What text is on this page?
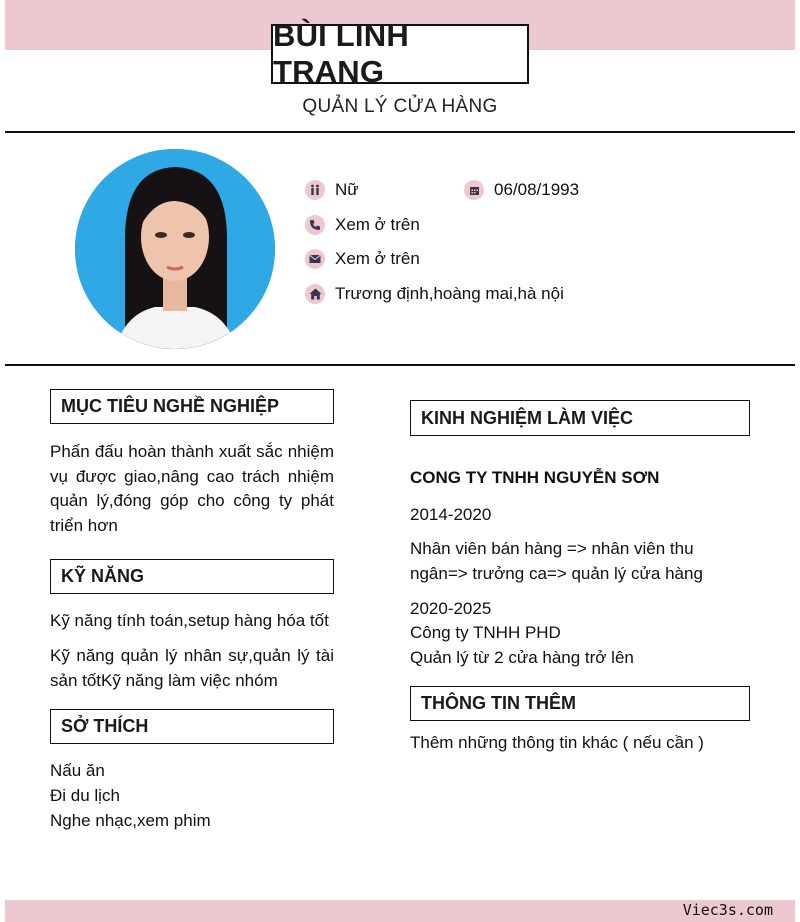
BÙI LINH TRANG
QUẢN LÝ CỬA HÀNG
Nữ	06/08/1993
Xem ở trên
Xem ở trên
Trương định,hoàng mai,hà nội
MỤC TIÊU NGHỀ NGHIỆP
Phấn đấu hoàn thành xuất sắc nhiệm vụ được giao,nâng cao trách nhiệm quản lý,đóng góp cho công ty phát triển hơn
KỸ NĂNG
Kỹ năng tính toán,setup hàng hóa tốt
Kỹ năng quản lý nhân sự,quản lý tài sản tốtKỹ năng làm việc nhóm
SỞ THÍCH
Nấu ăn
Đi du lịch
Nghe nhạc,xem phim
KINH NGHIỆM LÀM VIỆC
CONG TY TNHH NGUYỄN SƠN
2014-2020
Nhân viên bán hàng => nhân viên thu
ngân=> trưởng ca=> quản lý cửa hàng
2020-2025
Công ty TNHH PHD
Quản lý từ 2 cửa hàng trở lên
THÔNG TIN THÊM
Thêm những thông tin khác ( nếu cần )
Viec3s.com
